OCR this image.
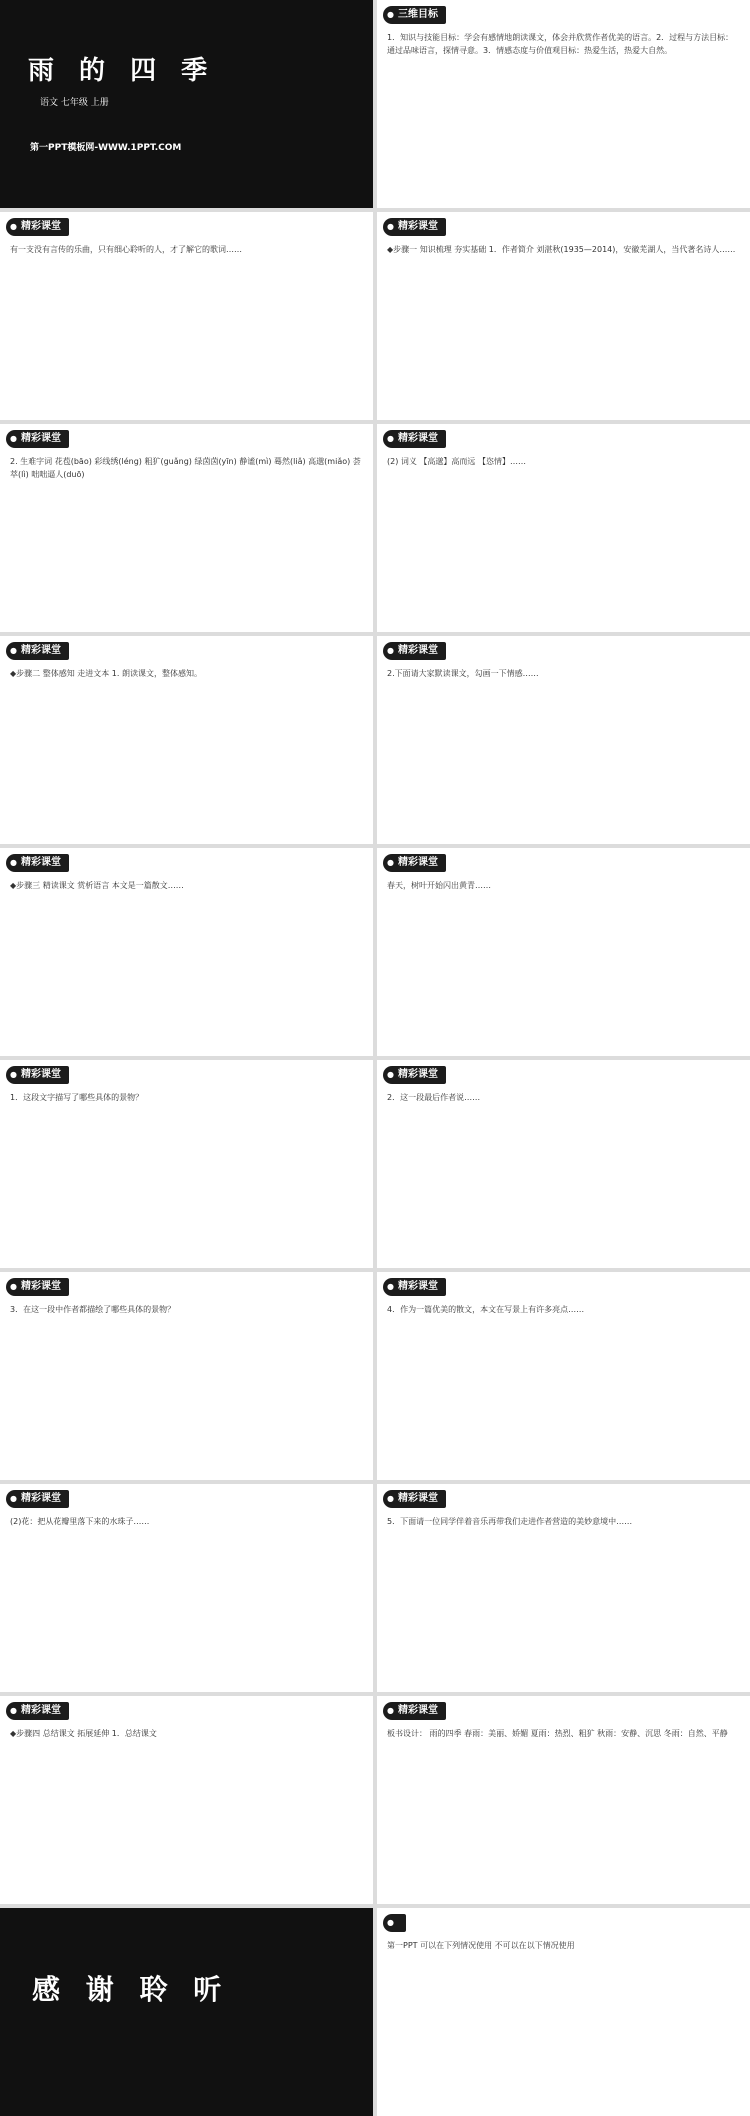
雨 的 四 季
语文 七年级 上册
第一PPT模板网-WWW.1PPT.COM
● 三维目标
1．知识与技能目标：学会有感情地朗读课文，体会并欣赏作者优美的语言。2．过程与方法目标：通过品味语言，探情寻意。3．情感态度与价值观目标：热爱生活，热爱大自然。
● 精彩课堂
有一支没有言传的乐曲，只有细心聆听的人，才了解它的歌词……
● 精彩课堂
◆步骤一 知识梳理 夯实基础 1．作者简介 刘湛秋(1935—2014)，安徽芜湖人，当代著名诗人……
● 精彩课堂
2. 生难字词 花苞(bāo) 彩线绣(léng) 粗犷(guǎng) 绿茵茵(yīn) 静谧(mì) 蓦然(liǎ) 高邈(miǎo) 荟萃(lì) 咄咄逼人(duō)
● 精彩课堂
(2) 词义 【高邈】高而远 【恣情】……
● 精彩课堂
◆步骤二 整体感知 走进文本 1. 朗读课文，整体感知。
● 精彩课堂
2.下面请大家默读课文，勾画一下情感……
● 精彩课堂
◆步骤三 精读课文 赏析语言 本文是一篇散文……
● 精彩课堂
春天，树叶开始闪出黄青……
● 精彩课堂
1．这段文字描写了哪些具体的景物？
● 精彩课堂
2．这一段最后作者说……
● 精彩课堂
3．在这一段中作者都描绘了哪些具体的景物？
● 精彩课堂
4．作为一篇优美的散文，本文在写景上有许多亮点……
● 精彩课堂
(2)花：把从花瓣里落下来的水珠子……
● 精彩课堂
5．下面请一位同学伴着音乐再带我们走进作者营造的美妙意境中……
● 精彩课堂
◆步骤四 总结课文 拓展延伸 1．总结课文
● 精彩课堂
板书设计： 雨的四季 春雨：美丽、娇媚 夏雨：热烈、粗犷 秋雨：安静、沉思 冬雨：自然、平静
感 谢 聆 听
●
第一PPT 可以在下列情况使用 不可以在以下情况使用
